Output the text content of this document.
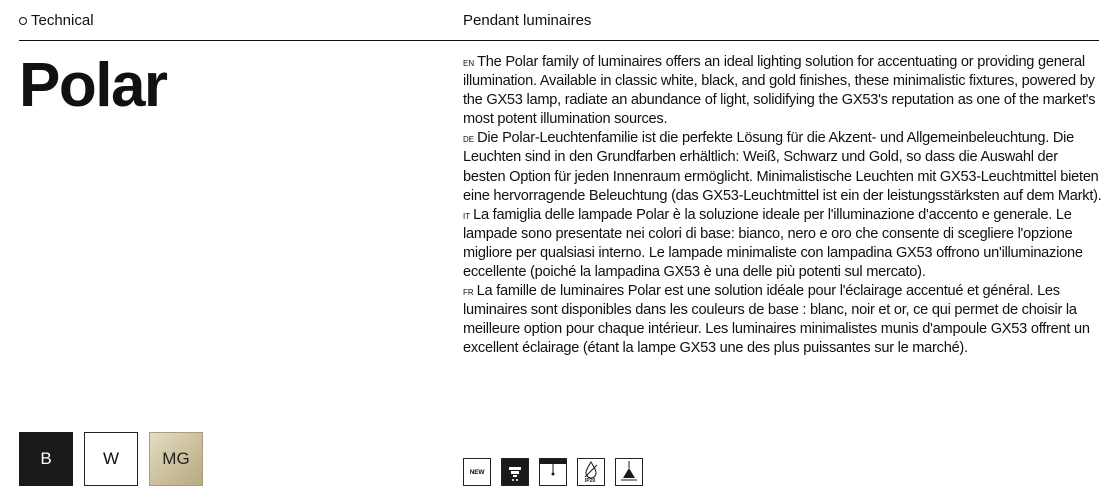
Technical	Pendant luminaires
Polar	$^{EN}$ The Polar family of luminaires offers an ideal lighting solution for accentuating or providing general illumination. Available in classic white, black, and gold finishes, these minimalistic fixtures, powered by the GX53 lamp, radiate an abundance of light, solidifying the GX53's reputation as one of the market's most potent illumination sources.

$^{DE}$ Die Polar-Leuchtenfamilie ist die perfekte Lösung für die Akzent- und Allgemeinbeleuchtung. Die Leuchten sind in den Grundfarben erhältlich: Weiß, Schwarz und Gold, so dass die Auswahl der besten Option für jeden Innenraum ermöglicht. Minimalistische Leuchten mit GX53-Leuchtmittel bieten eine hervorragende Beleuchtung (das GX53-Leuchtmittel ist ein der leistungsstärksten auf dem Markt).

$^{IT}$ La famiglia delle lampade Polar è la soluzione ideale per l'illuminazione d'accento e generale. Le lampade sono presentate nei colori di base: bianco, nero e oro che consente di scegliere l'opzione migliore per qualsiasi interno. Le lampade minimaliste con lampadina GX53 offrono un'illuminazione eccellente (poiché la lampadina GX53 è una delle più potenti sul mercato).

$^{FR}$ La famille de luminaires Polar est une solution idéale pour l'éclairage accentué et général. Les luminaires sont disponibles dans les couleurs de base : blanc, noir et or, ce qui permet de choisir la meilleure option pour chaque intérieur. Les luminaires minimalistes munis d'ampoule GX53 offrent un excellent éclairage (étant la lampe GX53 une des plus puissantes sur le marché).

B	W	MG
NEW
IP20
